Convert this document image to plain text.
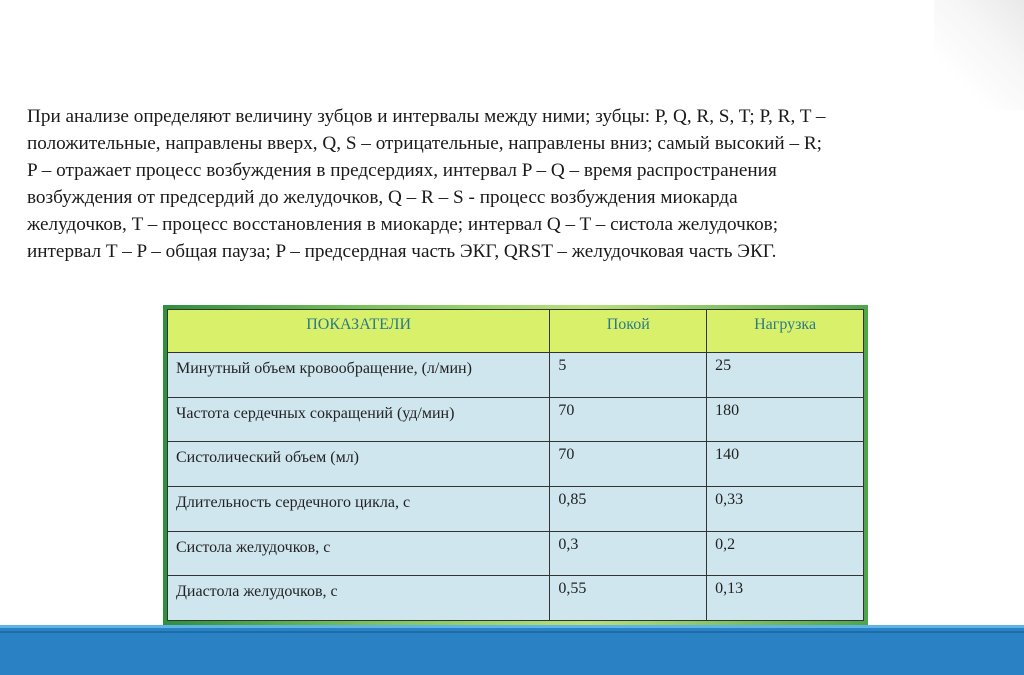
При анализе определяют величину зубцов и интервалы между ними; зубцы: P, Q, R, S, T; P, R, T –
положительные, направлены вверх, Q, S – отрицательные, направлены вниз; самый высокий – R;
P – отражает процесс возбуждения в предсердиях, интервал P – Q – время распространения
возбуждения от предсердий до желудочков, Q – R – S - процесс возбуждения миокарда
желудочков, T – процесс восстановления в миокарде; интервал Q – T – систола желудочков;
интервал T – P – общая пауза; P – предсердная часть ЭКГ, QRST – желудочковая часть ЭКГ.

ПОКАЗАТЕЛИ	Покой	Нагрузка
Минутный объем кровообращение, (л/мин)	5	25
Частота сердечных сокращений (уд/мин)	70	180
Систолический объем (мл)	70	140
Длительность сердечного цикла, с	0,85	0,33
Систола желудочков, с	0,3	0,2
Диастола желудочков, с	0,55	0,13
